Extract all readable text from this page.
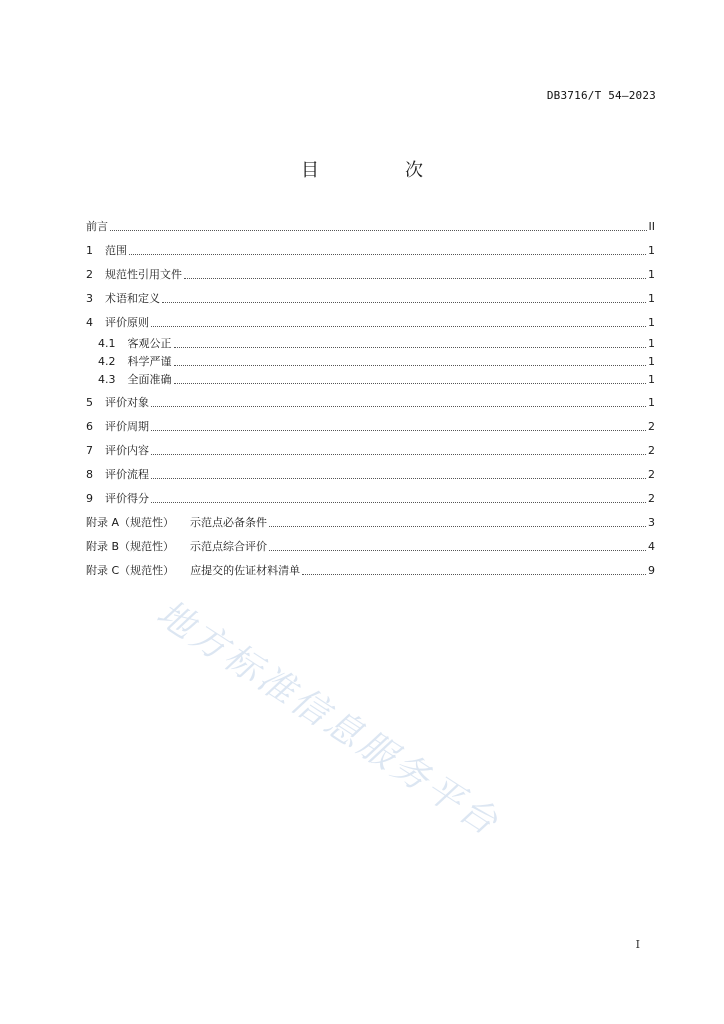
DB3716/T 54—2023
目　次
前言	II
1 范围	1
2 规范性引用文件	1
3 术语和定义	1
4 评价原则	1
4.1 客观公正	1
4.2 科学严谨	1
4.3 全面准确	1
5 评价对象	1
6 评价周期	2
7 评价内容	2
8 评价流程	2
9 评价得分	2
附录 A（规范性） 示范点必备条件	3
附录 B（规范性） 示范点综合评价	4
附录 C（规范性） 应提交的佐证材料清单	9
地方标准信息服务平台
I
